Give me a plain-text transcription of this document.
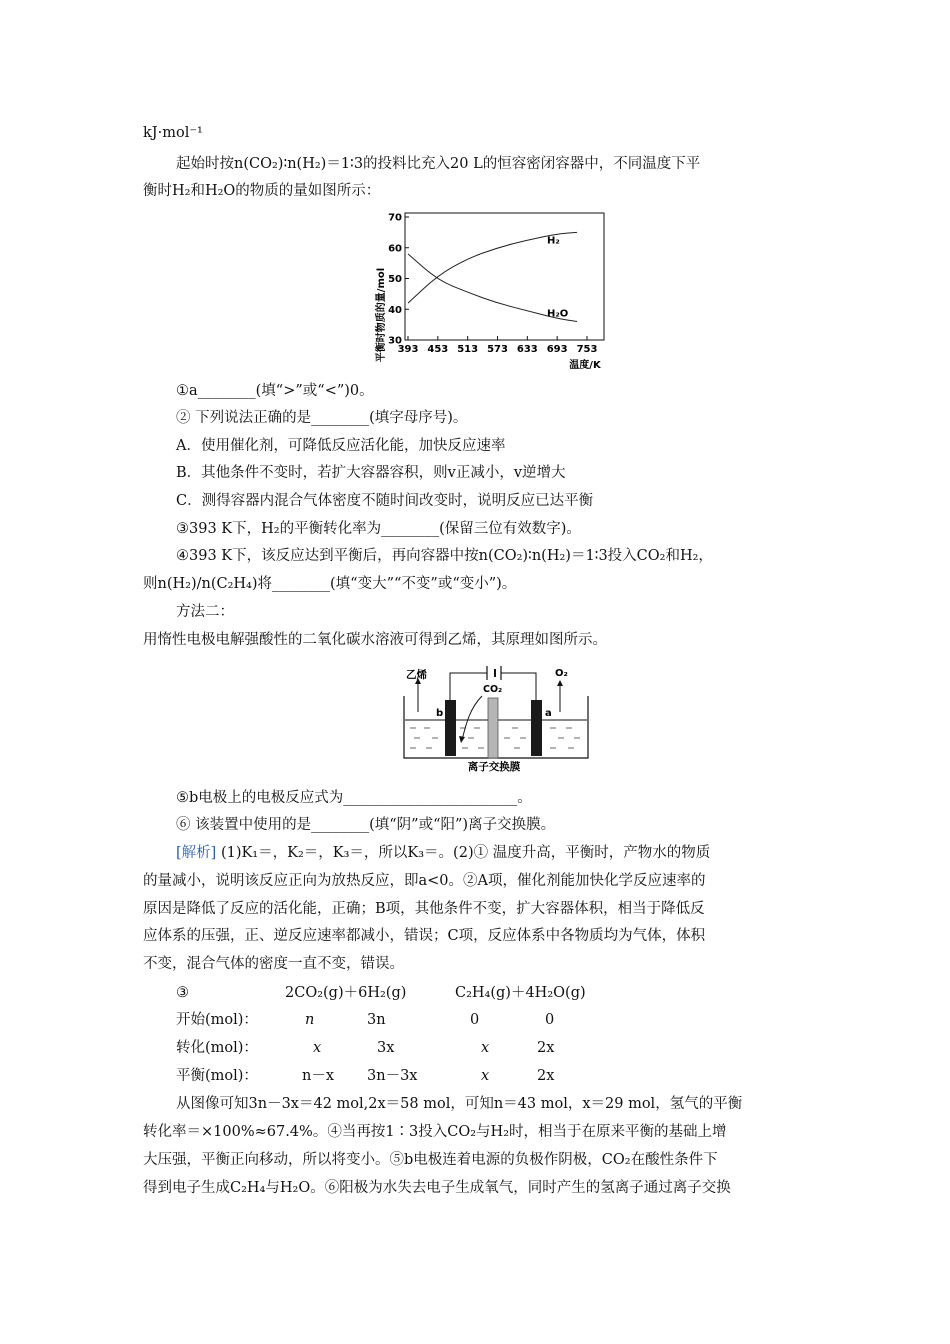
kJ·mol⁻¹
起始时按n(CO₂)∶n(H₂)＝1∶3的投料比充入20 L的恒容密闭容器中，不同温度下平
衡时H₂和H₂O的物质的量如图所示：
平衡时物质的量/mol 30
40
50
60
70
393 453 513 573 633 693 753
H₂
H₂O
温度/K
①a________(填“>”或“<”)0。
② 下列说法正确的是________(填字母序号)。
A．使用催化剂，可降低反应活化能，加快反应速率
B．其他条件不变时，若扩大容器容积，则v正减小，v逆增大
C．测得容器内混合气体密度不随时间改变时，说明反应已达平衡
③393 K下，H₂的平衡转化率为________(保留三位有效数字)。
④393 K下，该反应达到平衡后，再向容器中按n(CO₂)∶n(H₂)＝1∶3投入CO₂和H₂，
则n(H₂)/n(C₂H₄)将________(填“变大”“不变”或“变小”)。
方法二：
用惰性电极电解强酸性的二氧化碳水溶液可得到乙烯，其原理如图所示。
乙烯
CO₂
O₂
b	a
离子交换膜
⑤b电极上的电极反应式为________________________。
⑥ 该装置中使用的是________(填“阴”或“阳”)离子交换膜。
[解析] (1)K₁＝，K₂＝，K₃＝，所以K₃＝。(2)① 温度升高，平衡时，产物水的物质
的量减小，说明该反应正向为放热反应，即a<0。②A项，催化剂能加快化学反应速率的
原因是降低了反应的活化能，正确；B项，其他条件不变，扩大容器体积，相当于降低反
应体系的压强，正、逆反应速率都减小，错误；C项，反应体系中各物质均为气体，体积
不变，混合气体的密度一直不变，错误。
③	2CO₂(g)＋6H₂(g)	C₂H₄(g)＋4H₂O(g)
开始(mol)：	n	3n	0	0
转化(mol)：	x	3x	x	2x
平衡(mol)：	n－x 3n－3x	x	2x
从图像可知3n－3x＝42 mol,2x＝58 mol，可知n＝43 mol，x＝29 mol，氢气的平衡
转化率＝×100%≈67.4%。④当再按1∶3投入CO₂与H₂时，相当于在原来平衡的基础上增
大压强，平衡正向移动，所以将变小。⑤b电极连着电源的负极作阴极，CO₂在酸性条件下
得到电子生成C₂H₄与H₂O。⑥阳极为水失去电子生成氧气，同时产生的氢离子通过离子交换
